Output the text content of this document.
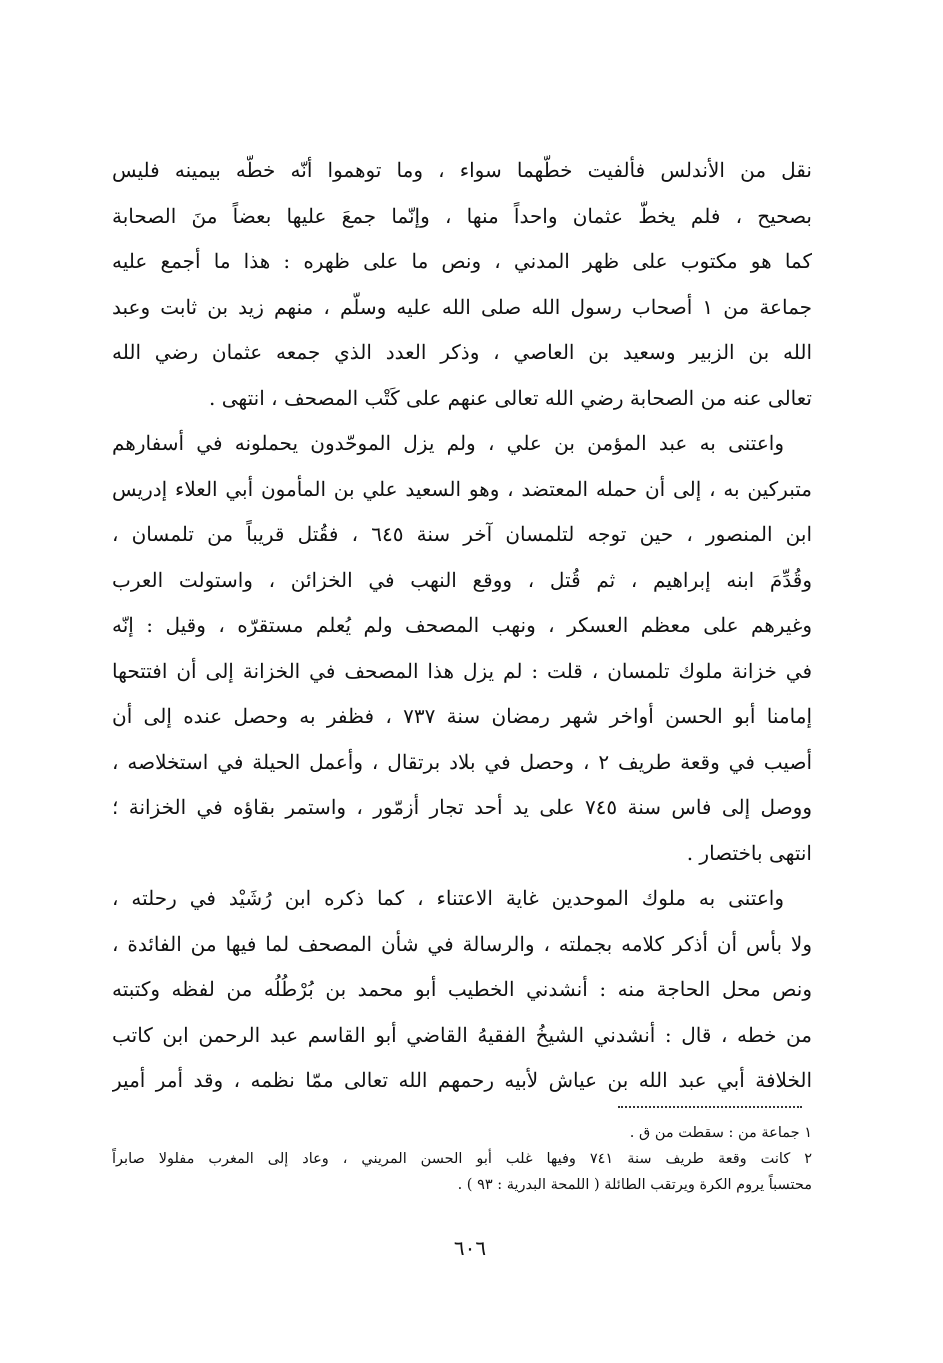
نقل من الأندلس فألفيت خطّهما سواء ، وما توهموا أنّه خطّه بيمينه فليس
بصحيح ، فلم يخطّ عثمان واحداً منها ، وإنّما جمعَ عليها بعضاً منَ الصحابة
كما هو مكتوب على ظهر المدني ، ونص ما على ظهره : هذا ما أجمع عليه
جماعة من ١ أصحاب رسول الله صلى الله عليه وسلّم ، منهم زيد بن ثابت وعبد
الله بن الزبير وسعيد بن العاصي ، وذكر العدد الذي جمعه عثمان رضي الله
تعالى عنه من الصحابة رضي الله تعالى عنهم على كَتْب المصحف ، انتهى .
واعتنى به عبد المؤمن بن علي ، ولم يزل الموحّدون يحملونه في أسفارهم
متبركين به ، إلى أن حمله المعتضد ، وهو السعيد علي بن المأمون أبي العلاء إدريس
ابن المنصور ، حين توجه لتلمسان آخر سنة ٦٤٥ ، فقُتل قريباً من تلمسان ،
وقُدِّمَ ابنه إبراهيم ، ثم قُتل ، ووقع النهب في الخزائن ، واستولت العرب
وغيرهم على معظم العسكر ، ونهب المصحف ولم يُعلم مستقرّه ، وقيل : إنّه
في خزانة ملوك تلمسان ، قلت : لم يزل هذا المصحف في الخزانة إلى أن افتتحها
إمامنا أبو الحسن أواخر شهر رمضان سنة ٧٣٧ ، فظفر به وحصل عنده إلى أن
أصيب في وقعة طريف ٢ ، وحصل في بلاد برتقال ، وأعمل الحيلة في استخلاصه ،
ووصل إلى فاس سنة ٧٤٥ على يد أحد تجار أزمّور ، واستمر بقاؤه في الخزانة ؛
انتهى باختصار .
واعتنى به ملوك الموحدين غاية الاعتناء ، كما ذكره ابن رُشَيْد في رحلته ،
ولا بأس أن أذكر كلامه بجملته ، والرسالة في شأن المصحف لما فيها من الفائدة ،
ونص محل الحاجة منه : أنشدني الخطيب أبو محمد بن بُرْطُلُه من لفظه وكتبته
من خطه ، قال : أنشدني الشيخُ الفقيهُ القاضي أبو القاسم عبد الرحمن ابن كاتب
الخلافة أبي عبد الله بن عياش لأبيه رحمهم الله تعالى ممّا نظمه ، وقد أمر أمير
١ جماعة من : سقطت من ق .
٢ كانت وقعة طريف سنة ٧٤١ وفيها غلب أبو الحسن المريني ، وعاد إلى المغرب مفلولا صابراً
محتسباً يروم الكرة ويرتقب الطائلة ( اللمحة البدرية : ٩٣ ) .
٦٠٦
